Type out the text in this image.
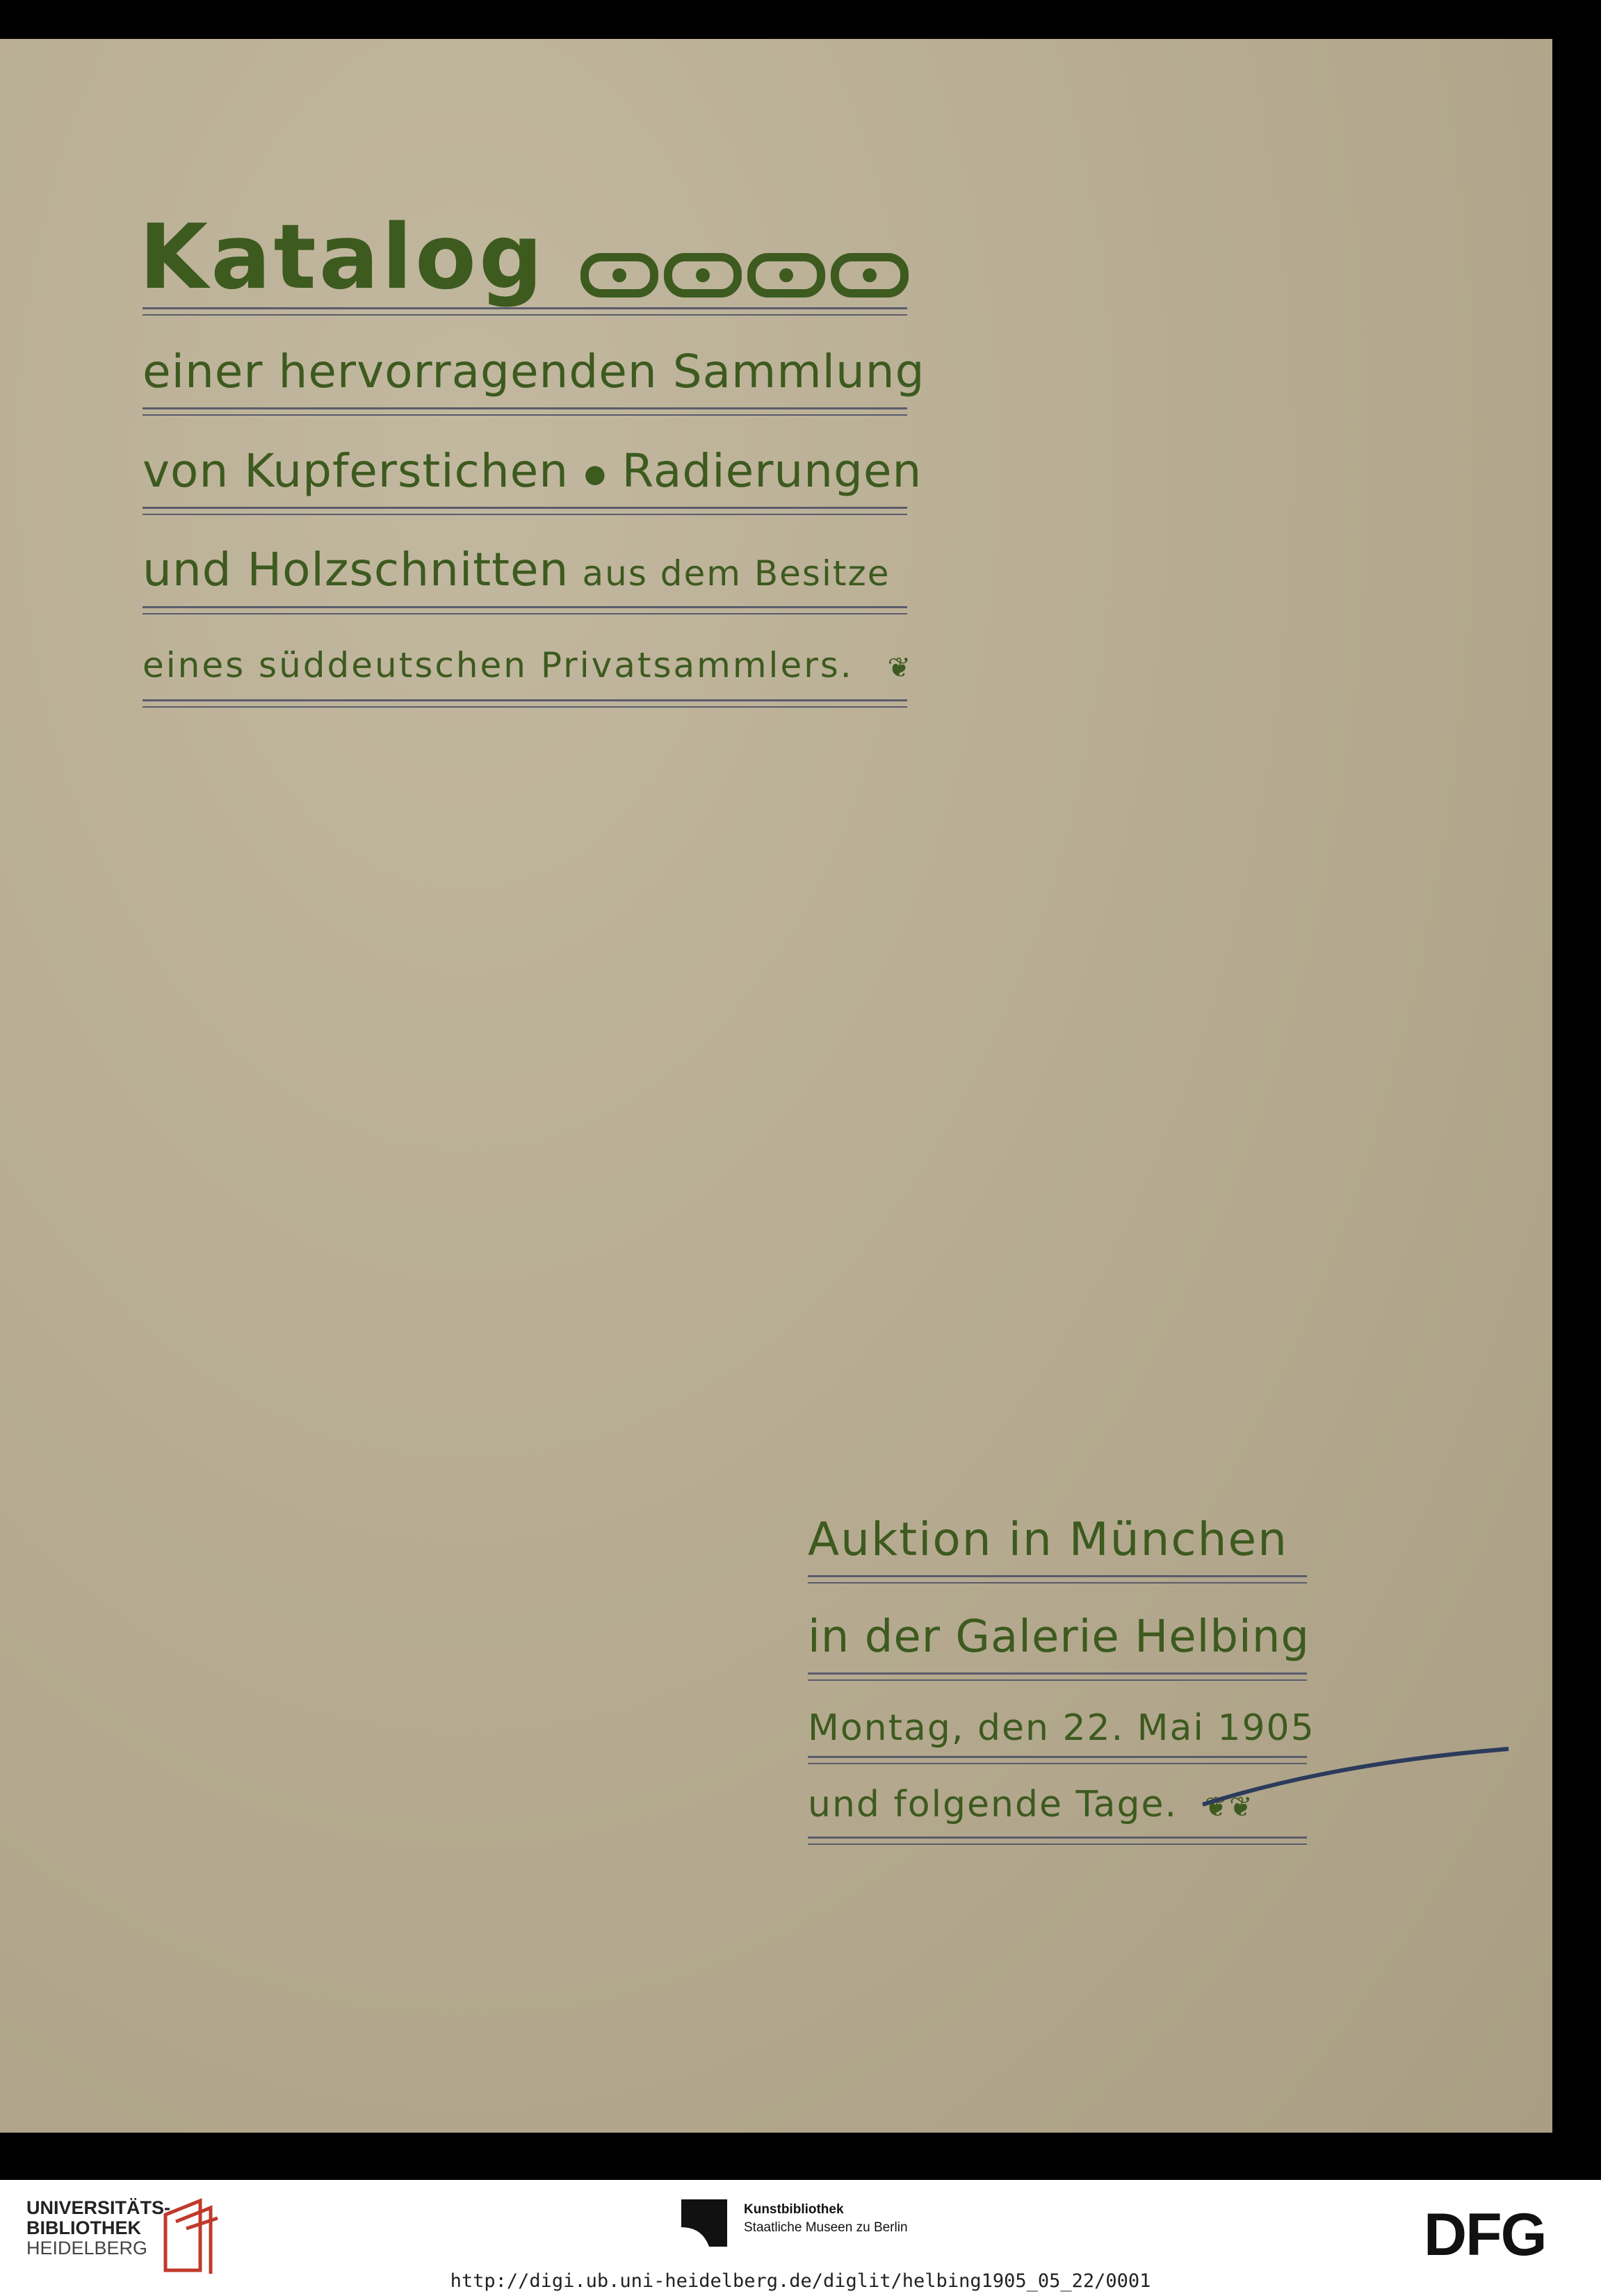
Katalog
einer hervorragenden Sammlung
von Kupferstichen ● Radierungen
und Holzschnitten aus dem Besitze
eines süddeutschen Privatsammlers. ❦
Auktion in München
in der Galerie Helbing
Montag, den 22. Mai 1905
und folgende Tage. ❦❦
UNIVERSITÄTS-
BIBLIOTHEK
HEIDELBERG
Kunstbibliothek
Staatliche Museen zu Berlin	DFG
http://digi.ub.uni-heidelberg.de/diglit/helbing1905_05_22/0001
